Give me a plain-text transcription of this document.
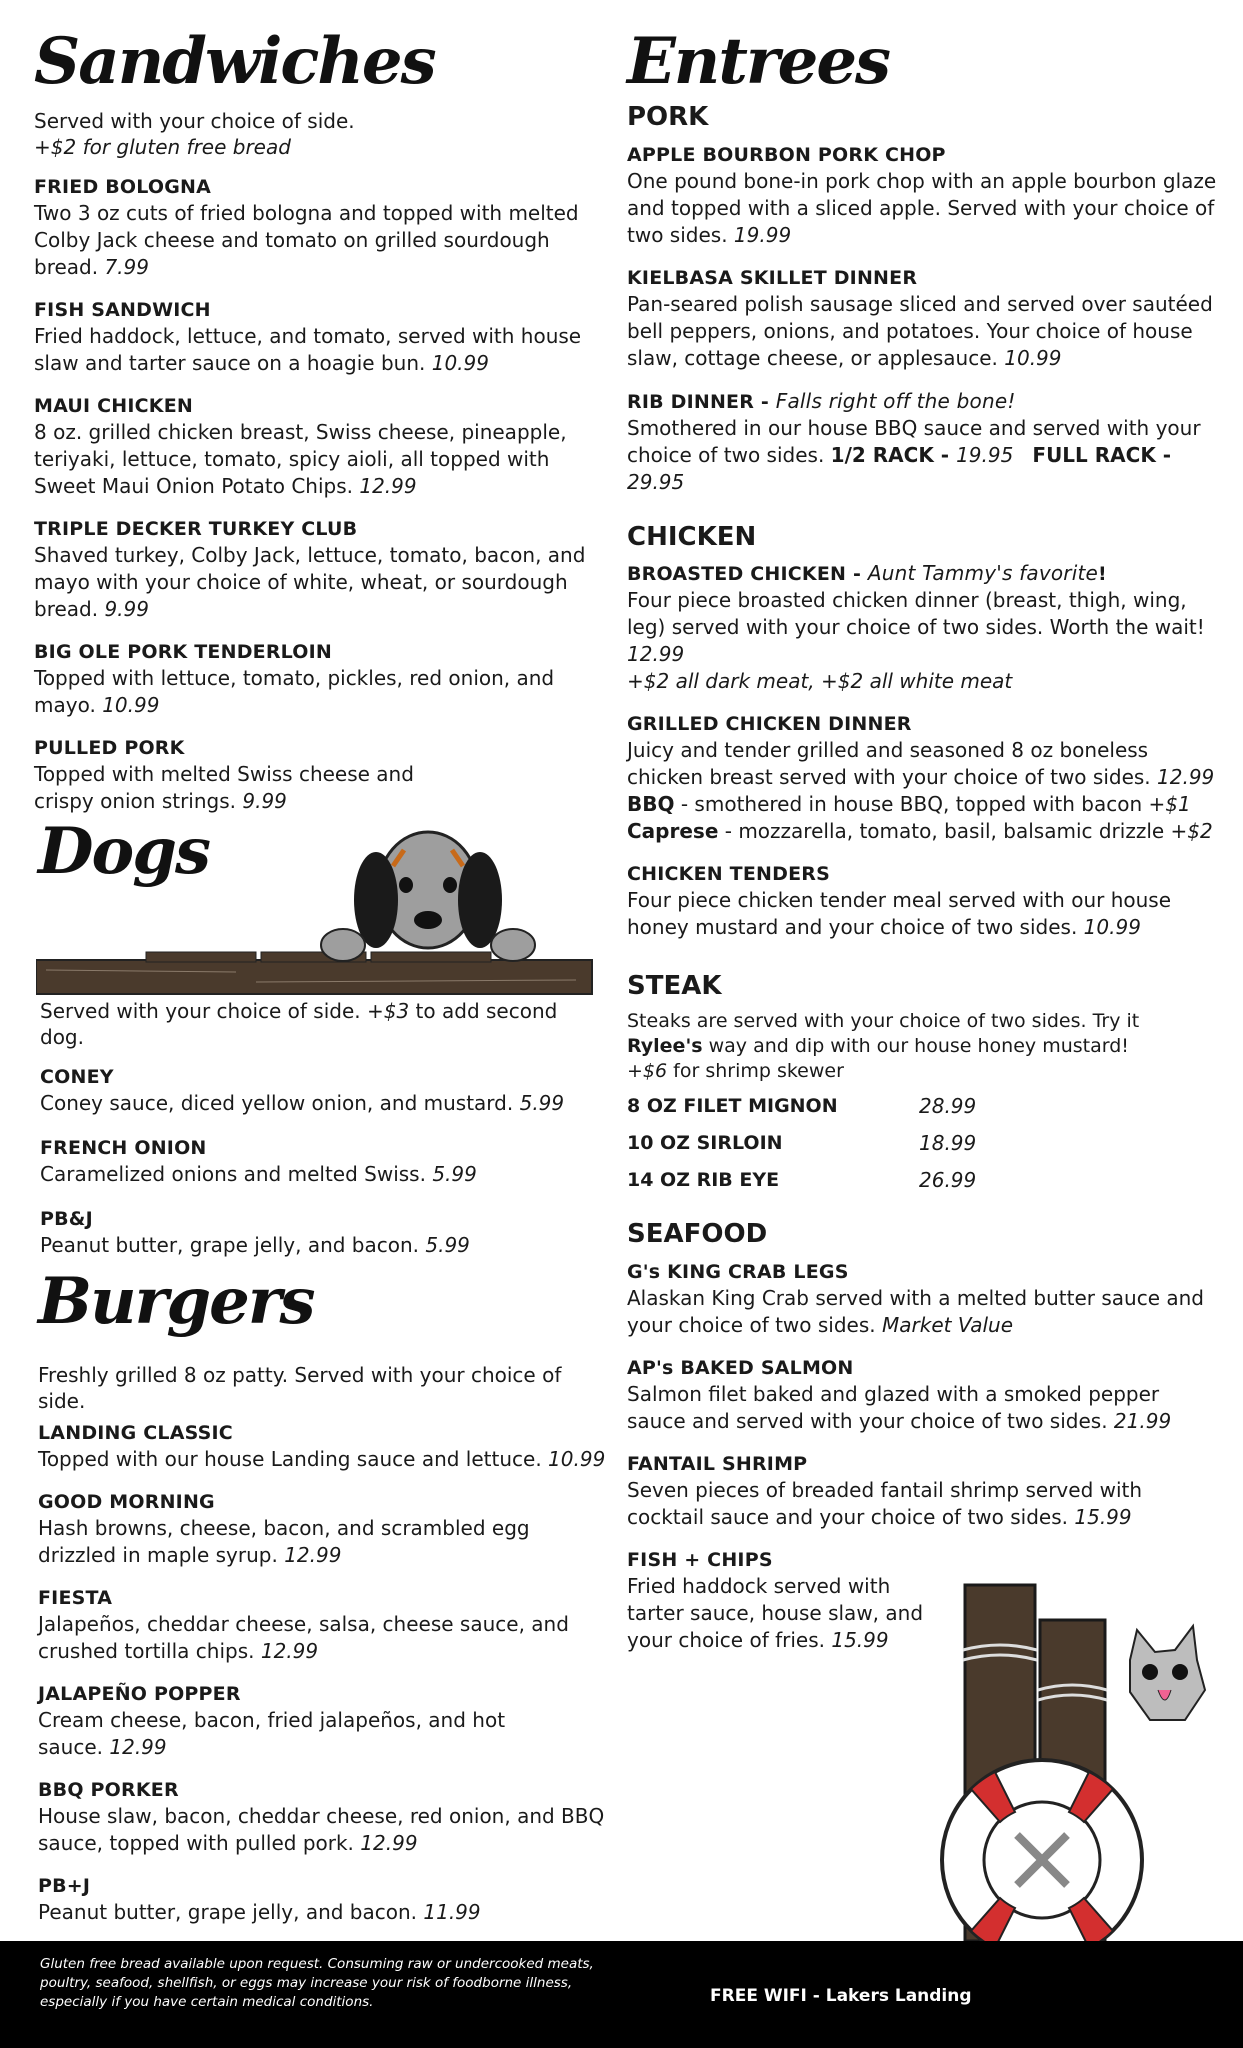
Sandwiches
Served with your choice of side.
+$2 for gluten free bread
FRIED BOLOGNA
Two 3 oz cuts of fried bologna and topped with melted Colby Jack cheese and tomato on grilled sourdough bread. 7.99
FISH SANDWICH
Fried haddock, lettuce, and tomato, served with house slaw and tarter sauce on a hoagie bun. 10.99
MAUI CHICKEN
8 oz. grilled chicken breast, Swiss cheese, pineapple, teriyaki, lettuce, tomato, spicy aioli, all topped with Sweet Maui Onion Potato Chips. 12.99
TRIPLE DECKER TURKEY CLUB
Shaved turkey, Colby Jack, lettuce, tomato, bacon, and mayo with your choice of white, wheat, or sourdough bread. 9.99
BIG OLE PORK TENDERLOIN
Topped with lettuce, tomato, pickles, red onion, and mayo. 10.99
PULLED PORK
Topped with melted Swiss cheese and crispy onion strings. 9.99
Dogs
Served with your choice of side. +$3 to add second dog.
CONEY
Coney sauce, diced yellow onion, and mustard. 5.99
FRENCH ONION
Caramelized onions and melted Swiss. 5.99
PB&J
Peanut butter, grape jelly, and bacon. 5.99
Burgers
Freshly grilled 8 oz patty. Served with your choice of side.
LANDING CLASSIC
Topped with our house Landing sauce and lettuce. 10.99
GOOD MORNING
Hash browns, cheese, bacon, and scrambled egg drizzled in maple syrup. 12.99
FIESTA
Jalapeños, cheddar cheese, salsa, cheese sauce, and crushed tortilla chips. 12.99
JALAPEÑO POPPER
Cream cheese, bacon, fried jalapeños, and hot sauce. 12.99
BBQ PORKER
House slaw, bacon, cheddar cheese, red onion, and BBQ sauce, topped with pulled pork. 12.99
PB+J
Peanut butter, grape jelly, and bacon. 11.99
Entrees
PORK
APPLE BOURBON PORK CHOP
One pound bone-in pork chop with an apple bourbon glaze and topped with a sliced apple. Served with your choice of two sides. 19.99
KIELBASA SKILLET DINNER
Pan-seared polish sausage sliced and served over sautéed bell peppers, onions, and potatoes. Your choice of house slaw, cottage cheese, or applesauce. 10.99
RIB DINNER - Falls right off the bone!
Smothered in our house BBQ sauce and served with your choice of two sides. 1/2 RACK - 19.95 FULL RACK - 29.95
CHICKEN
BROASTED CHICKEN - Aunt Tammy's favorite!
Four piece broasted chicken dinner (breast, thigh, wing, leg) served with your choice of two sides. Worth the wait! 12.99
+$2 all dark meat, +$2 all white meat
GRILLED CHICKEN DINNER
Juicy and tender grilled and seasoned 8 oz boneless chicken breast served with your choice of two sides. 12.99
BBQ - smothered in house BBQ, topped with bacon +$1
Caprese - mozzarella, tomato, basil, balsamic drizzle +$2
CHICKEN TENDERS
Four piece chicken tender meal served with our house honey mustard and your choice of two sides. 10.99
STEAK
Steaks are served with your choice of two sides. Try it Rylee's way and dip with our house honey mustard!
+$6 for shrimp skewer
8 OZ FILET MIGNON	28.99
10 OZ SIRLOIN	18.99
14 OZ RIB EYE	26.99
SEAFOOD
G's KING CRAB LEGS
Alaskan King Crab served with a melted butter sauce and your choice of two sides. Market Value
AP's BAKED SALMON
Salmon filet baked and glazed with a smoked pepper sauce and served with your choice of two sides. 21.99
FANTAIL SHRIMP
Seven pieces of breaded fantail shrimp served with cocktail sauce and your choice of two sides. 15.99
FISH + CHIPS
Fried haddock served with tarter sauce, house slaw, and your choice of fries. 15.99
Gluten free bread available upon request. Consuming raw or undercooked meats, poultry, seafood, shellfish, or eggs may increase your risk of foodborne illness, especially if you have certain medical conditions.	FREE WIFI - Lakers Landing
